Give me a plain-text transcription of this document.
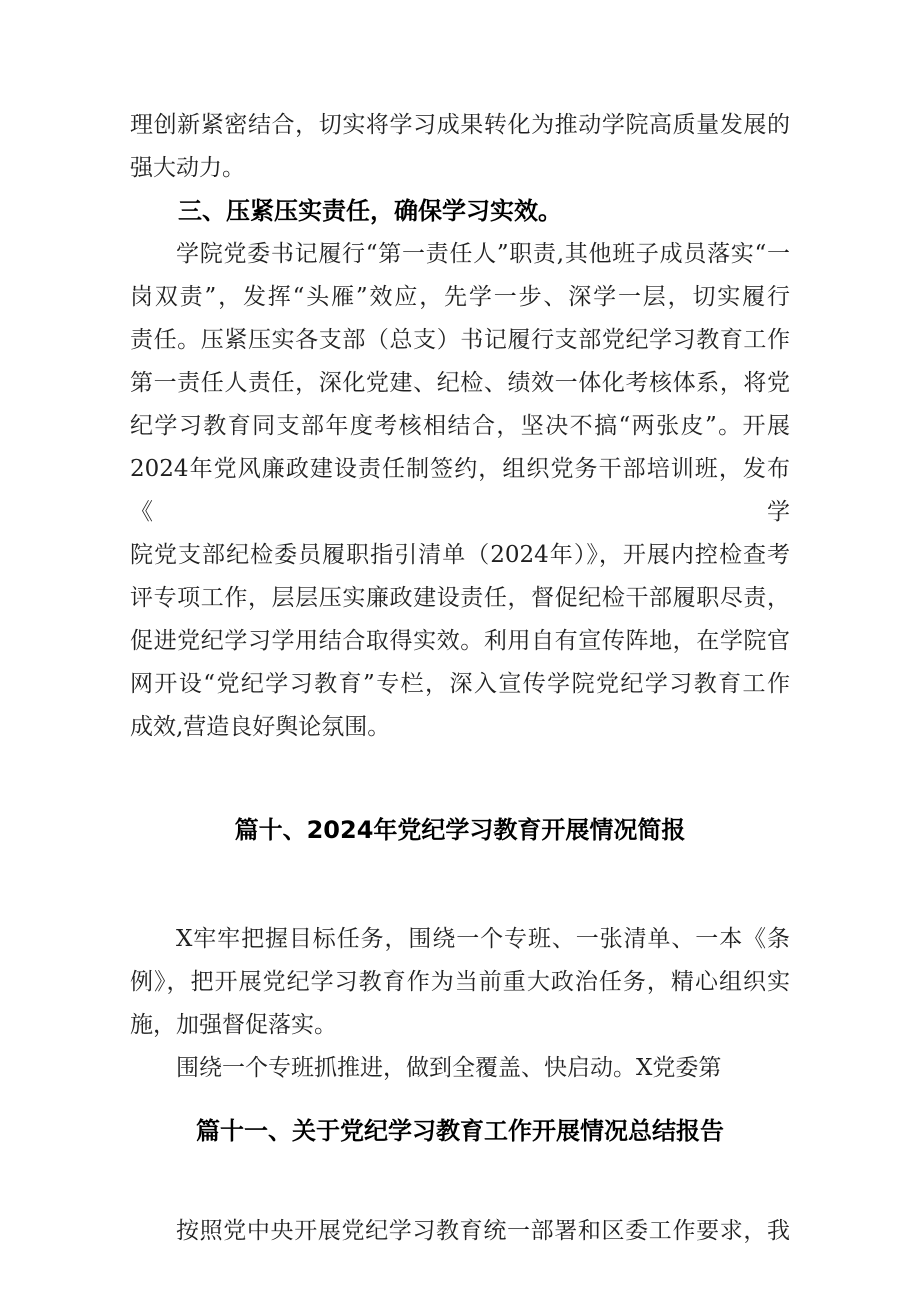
理创新紧密结合，切实将学习成果转化为推动学院高质量发展的
强大动力。
三、压紧压实责任，确保学习实效。
学院党委书记履行“第一责任人”职责,其他班子成员落实“一
岗双责”，发挥“头雁”效应，先学一步、深学一层，切实履行
责任。压紧压实各支部（总支）书记履行支部党纪学习教育工作
第一责任人责任，深化党建、纪检、绩效一体化考核体系，将党
纪学习教育同支部年度考核相结合，坚决不搞“两张皮”。开展
2024年党风廉政建设责任制签约，组织党务干部培训班，发布《学
院党支部纪检委员履职指引清单（2024年）》，开展内控检查考
评专项工作，层层压实廉政建设责任，督促纪检干部履职尽责，
促进党纪学习学用结合取得实效。利用自有宣传阵地，在学院官
网开设“党纪学习教育”专栏，深入宣传学院党纪学习教育工作
成效,营造良好舆论氛围。
篇十、2024年党纪学习教育开展情况简报
X牢牢把握目标任务，围绕一个专班、一张清单、一本《条
例》，把开展党纪学习教育作为当前重大政治任务，精心组织实
施，加强督促落实。
围绕一个专班抓推进，做到全覆盖、快启动。X党委第
篇十一、关于党纪学习教育工作开展情况总结报告
按照党中央开展党纪学习教育统一部署和区委工作要求，我
